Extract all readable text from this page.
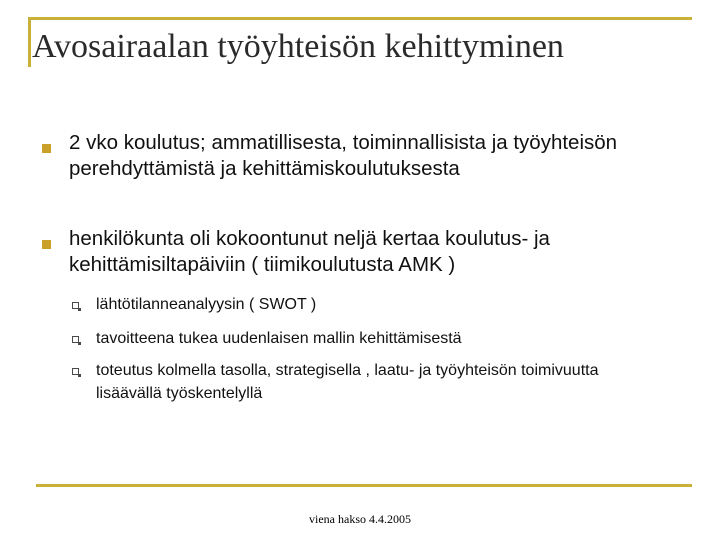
Avosairaalan työyhteisön kehittyminen
2 vko koulutus; ammatillisesta, toiminnallisista ja työyhteisön perehdyttämistä ja kehittämiskoulutuksesta
henkilökunta oli kokoontunut neljä kertaa koulutus- ja kehittämisiltapäiviin ( tiimikoulutusta AMK )
lähtötilanneanalyysin ( SWOT )
tavoitteena tukea uudenlaisen mallin kehittämisestä
toteutus kolmella tasolla, strategisella , laatu- ja työyhteisön toimivuutta lisäävällä työskentelyllä
viena hakso 4.4.2005
